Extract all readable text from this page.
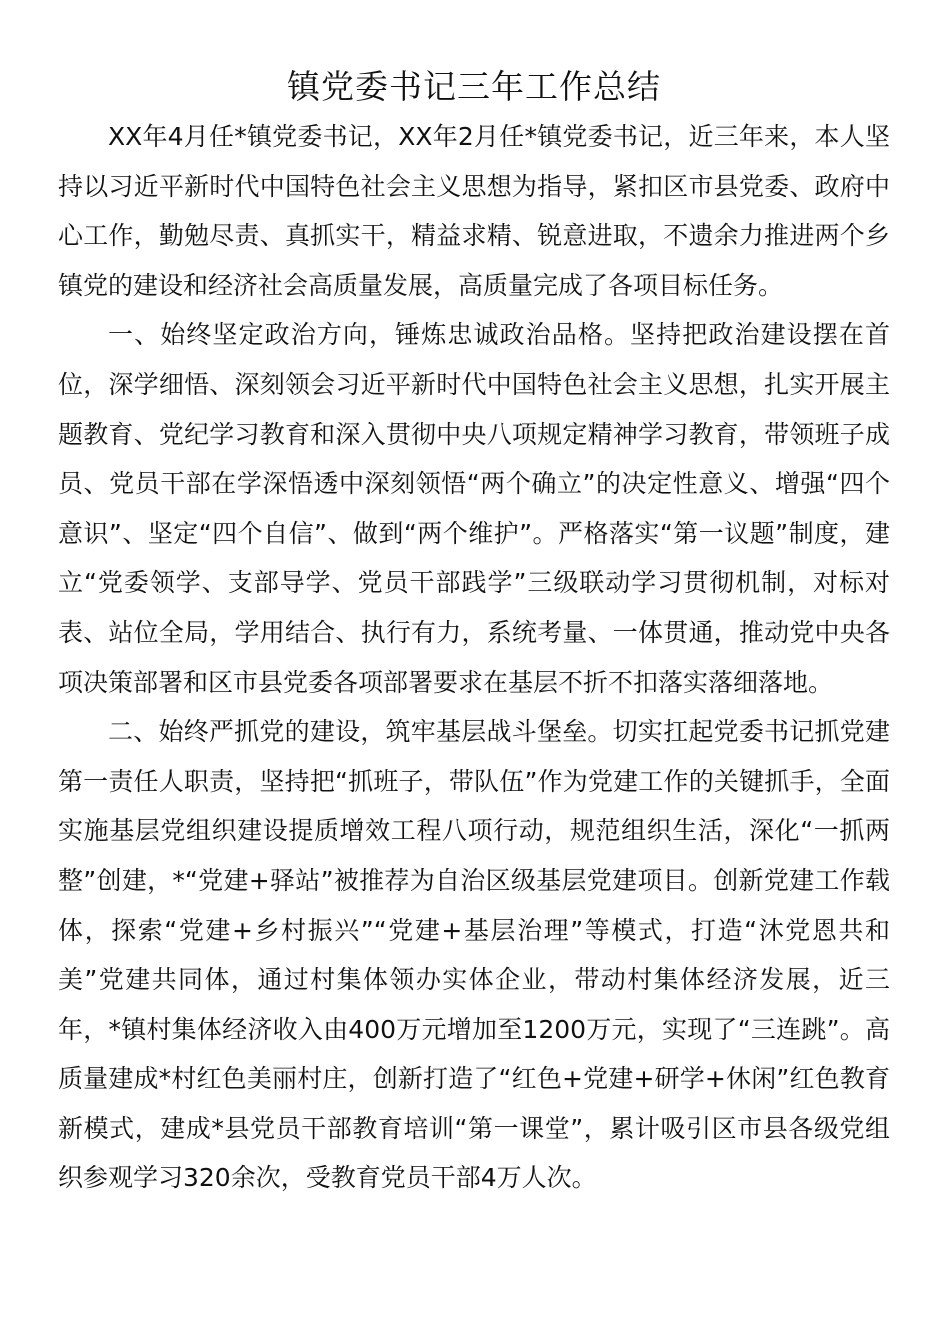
镇党委书记三年工作总结

XX年4月任*镇党委书记，XX年2月任*镇党委书记，近三年来，本人坚持以习近平新时代中国特色社会主义思想为指导，紧扣区市县党委、政府中心工作，勤勉尽责、真抓实干，精益求精、锐意进取，不遗余力推进两个乡镇党的建设和经济社会高质量发展，高质量完成了各项目标任务。

一、始终坚定政治方向，锤炼忠诚政治品格。坚持把政治建设摆在首位，深学细悟、深刻领会习近平新时代中国特色社会主义思想，扎实开展主题教育、党纪学习教育和深入贯彻中央八项规定精神学习教育，带领班子成员、党员干部在学深悟透中深刻领悟“两个确立”的决定性意义、增强“四个意识”、坚定“四个自信”、做到“两个维护”。严格落实“第一议题”制度，建立“党委领学、支部导学、党员干部践学”三级联动学习贯彻机制，对标对表、站位全局，学用结合、执行有力，系统考量、一体贯通，推动党中央各项决策部署和区市县党委各项部署要求在基层不折不扣落实落细落地。

二、始终严抓党的建设，筑牢基层战斗堡垒。切实扛起党委书记抓党建第一责任人职责，坚持把“抓班子，带队伍”作为党建工作的关键抓手，全面实施基层党组织建设提质增效工程八项行动，规范组织生活，深化“一抓两整”创建，*“党建+驿站”被推荐为自治区级基层党建项目。创新党建工作载体，探索“党建+乡村振兴”“党建+基层治理”等模式，打造“沐党恩共和美”党建共同体，通过村集体领办实体企业，带动村集体经济发展，近三年，*镇村集体经济收入由400万元增加至1200万元，实现了“三连跳”。高质量建成*村红色美丽村庄，创新打造了“红色+党建+研学+休闲”红色教育新模式，建成*县党员干部教育培训“第一课堂”，累计吸引区市县各级党组织参观学习320余次，受教育党员干部4万人次。
